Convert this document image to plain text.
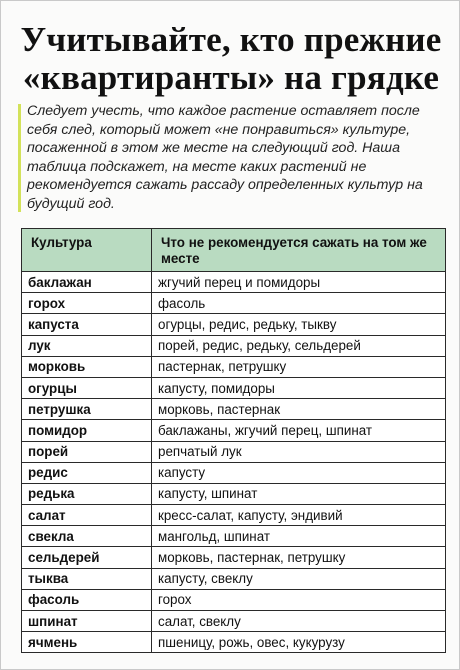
Учитывайте, кто прежние «квартиранты» на грядке

Следует учесть, что каждое растение оставляет после себя след, который может «не понравиться» культуре, посаженной в этом же месте на следующий год. Наша таблица подскажет, на месте каких растений не рекомендуется сажать рассаду определенных культур на будущий год.

Культура	Что не рекомендуется сажать на том же месте
баклажан	жгучий перец и помидоры
горох	фасоль
капуста	огурцы, редис, редьку, тыкву
лук	порей, редис, редьку, сельдерей
морковь	пастернак, петрушку
огурцы	капусту, помидоры
петрушка	морковь, пастернак
помидор	баклажаны, жгучий перец, шпинат
порей	репчатый лук
редис	капусту
редька	капусту, шпинат
салат	кресс-салат, капусту, эндивий
свекла	мангольд, шпинат
сельдерей	морковь, пастернак, петрушку
тыква	капусту, свеклу
фасоль	горох
шпинат	салат, свеклу
ячмень	пшеницу, рожь, овес, кукурузу
